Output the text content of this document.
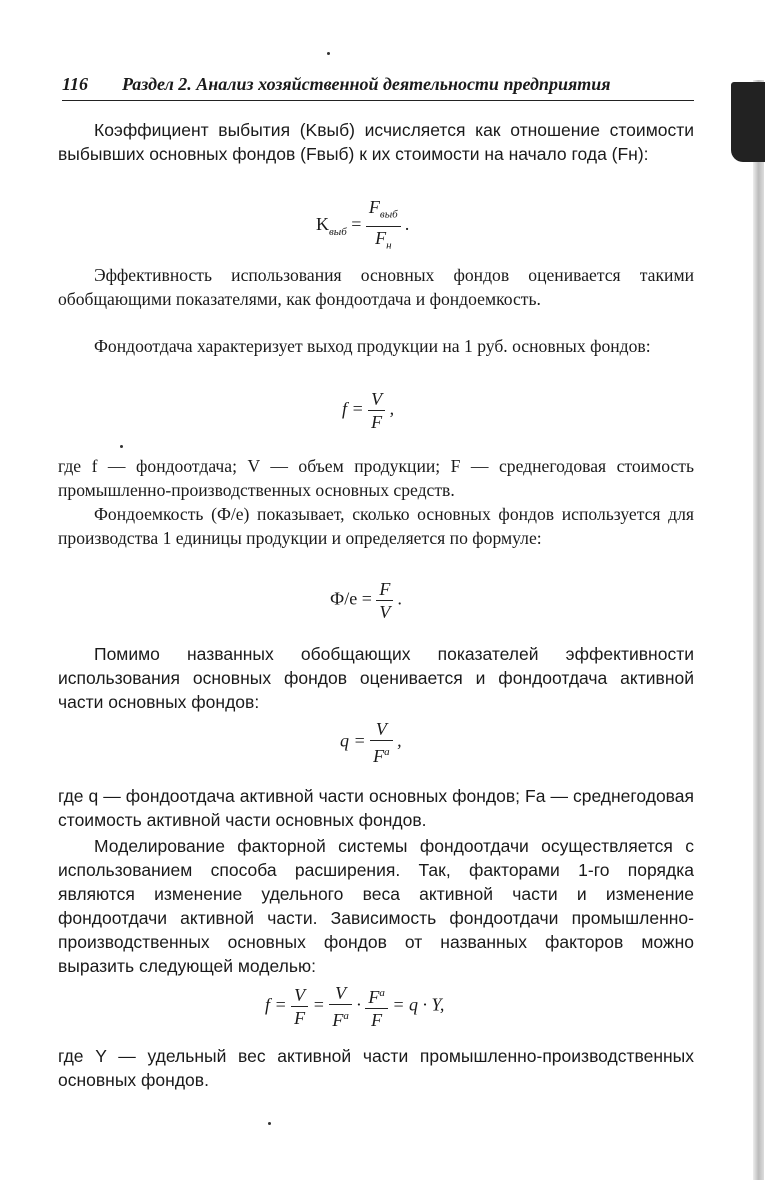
116 Раздел 2. Анализ хозяйственной деятельности предприятия

Коэффициент выбытия (Kвыб) исчисляется как отношение стоимости выбывших основных фондов (Fвыб) к их стоимости на начало года (Fн):

$K_{выб} = \frac{F_{выб}}{F_н}$ .

Эффективность использования основных фондов оценивается такими обобщающими показателями, как фондоотдача и фондоемкость.

Фондоотдача характеризует выход продукции на 1 руб. основных фондов:

$f = \frac{V}{F}$ ,

где f — фондоотдача; V — объем продукции; F — среднегодовая стоимость промышленно-производственных основных средств.

Фондоемкость (Ф/е) показывает, сколько основных фондов используется для производства 1 единицы продукции и определяется по формуле:

$Ф/е = \frac{F}{V}$ .

Помимо названных обобщающих показателей эффективности использования основных фондов оценивается и фондоотдача активной части основных фондов:

$q = \frac{V}{F^a}$ ,

где q — фондоотдача активной части основных фондов; Fa — среднегодовая стоимость активной части основных фондов.

Моделирование факторной системы фондоотдачи осуществляется с использованием способа расширения. Так, факторами 1-го порядка являются изменение удельного веса активной части и изменение фондоотдачи активной части. Зависимость фондоотдачи промышленно-производственных основных фондов от названных факторов можно выразить следующей моделью:

$f = \frac{V}{F} = \frac{V}{F^a} \cdot \frac{F^a}{F} = q \cdot Y$,

где Y — удельный вес активной части промышленно-производственных основных фондов.
